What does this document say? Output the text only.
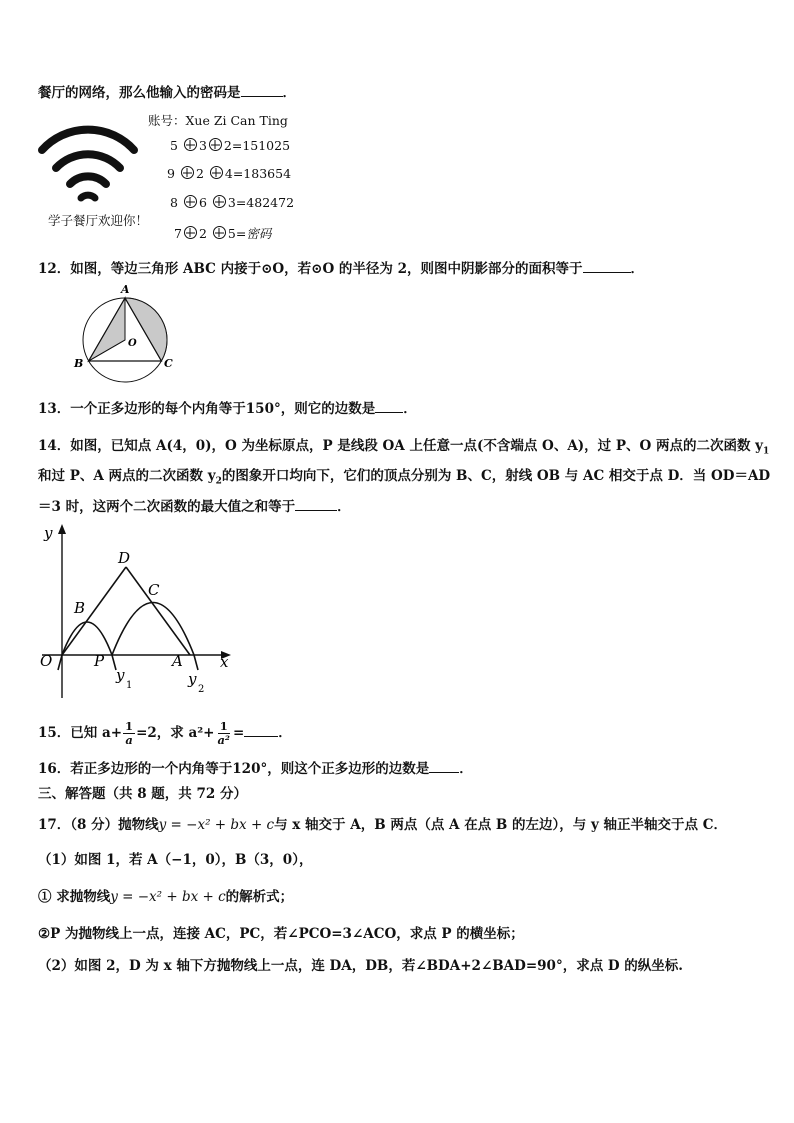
餐厅的网络，那么他输入的密码是	．
学子餐厅欢迎你！
账号：Xue Zi Can Ting
5 3 2=151025
9 2 4=183654
8 6 3=482472
7 2 5=密码
12．如图，等边三角形 ABC 内接于⊙O，若⊙O 的半径为 2，则图中阴影部分的面积等于	．
A
B	C
O
13．一个正多边形的每个内角等于150°，则它的边数是 ．
14．如图，已知点 A(4，0)，O 为坐标原点，P 是线段 OA 上任意一点(不含端点 O、A)，过 P、O 两点的二次函数 $y_1$
和过 P、A 两点的二次函数 $y_2$的图象开口均向下，它们的顶点分别为 B、C，射线 OB 与 AC 相交于点 D．当 OD＝AD
＝3 时，这两个二次函数的最大值之和等于	．
y
x
O	P	A
B
C
D
y
1	y
2
15．已知 $a+ \frac{1}{a} =2$，求 $a^2+ \frac{1}{\text{a²}}$ =	．
16．若正多边形的一个内角等于120°，则这个正多边形的边数是 ．
三、解答题（共 8 题，共 72 分）
17．（8 分）抛物线y = −x² + bx + c与 x 轴交于 A，B 两点（点 A 在点 B 的左边），与 y 轴正半轴交于点 C．
（1）如图 1，若 A（−1，0），B（3，0），
① 求抛物线y = −x² + bx + c的解析式；
②P 为抛物线上一点，连接 AC，PC，若∠PCO=3∠ACO，求点 P 的横坐标；
（2）如图 2，D 为 x 轴下方抛物线上一点，连 DA，DB，若∠BDA+2∠BAD=90°，求点 D 的纵坐标.
